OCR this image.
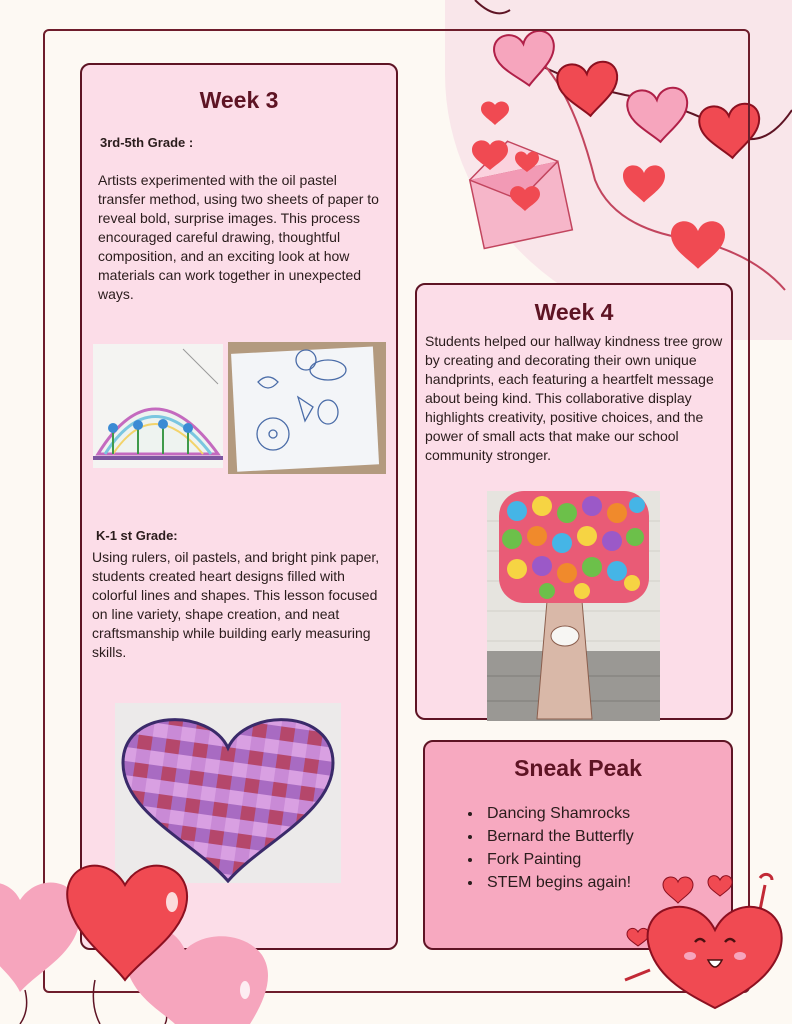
Week 3
3rd-5th Grade :
Artists experimented with the oil pastel transfer method, using two sheets of paper to reveal bold, surprise images. This process encouraged careful drawing, thoughtful composition, and an exciting look at how materials can work together in unexpected ways.
K-1 st Grade:
Using rulers, oil pastels, and bright pink paper, students created heart designs filled with colorful lines and shapes. This lesson focused on line variety, shape creation, and neat craftsmanship while building early measuring skills.
Week 4
Students helped our hallway kindness tree grow by creating and decorating their own unique handprints, each featuring a heartfelt message about being kind. This collaborative display highlights creativity, positive choices, and the power of small acts that make our school community stronger.
Sneak Peak
• Dancing Shamrocks
• Bernard the Butterfly
• Fork Painting
• STEM begins again!
